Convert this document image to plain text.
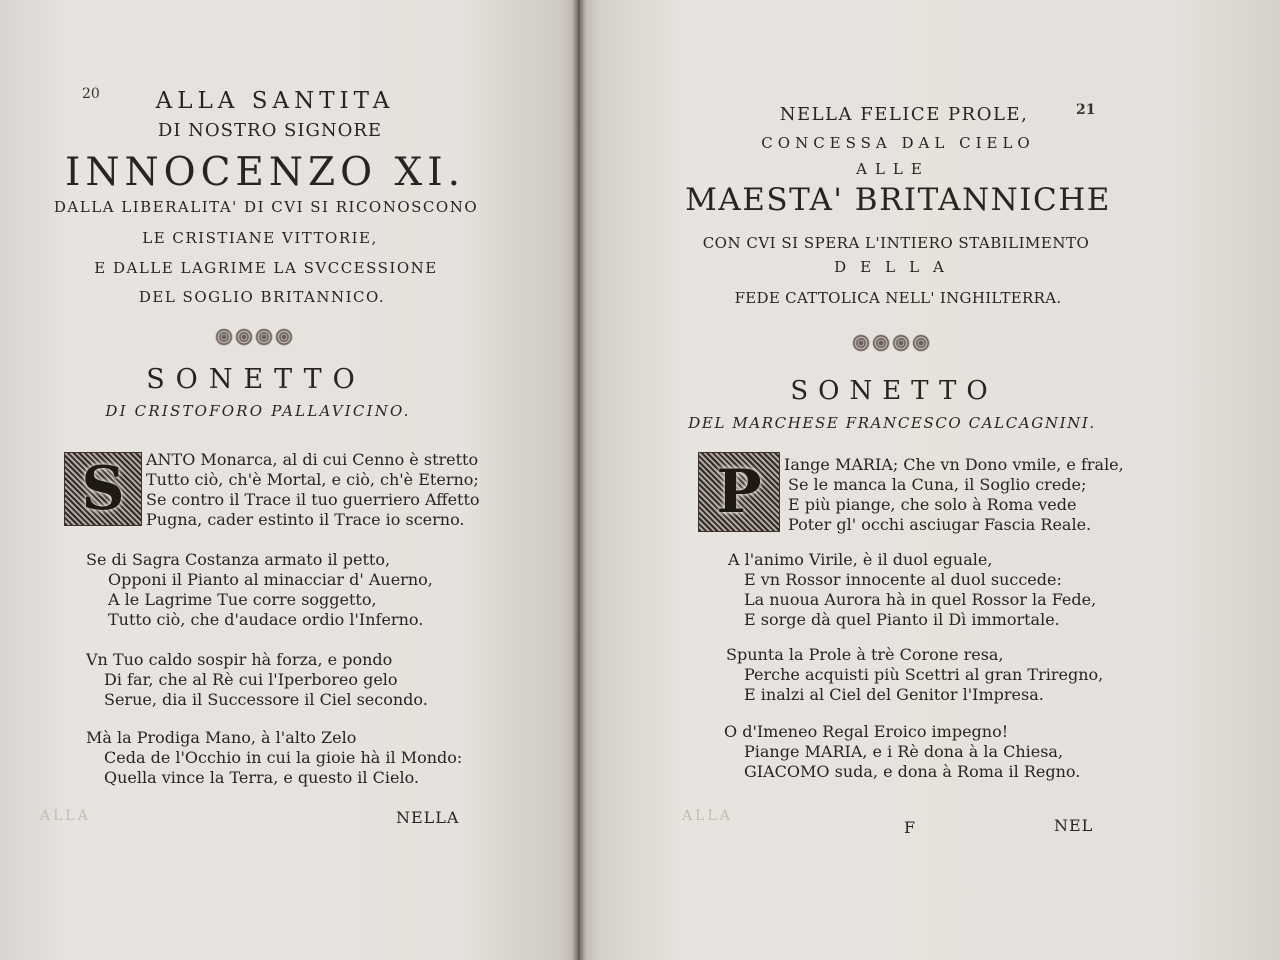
20 ALLA SANTITA
DI NOSTRO SIGNORE
INNOCENZO XI.
DALLA LIBERALITA' DI CVI SI RICONOSCONO
LE CRISTIANE VITTORIE,
E DALLE LAGRIME LA SVCCESSIONE
DEL SOGLIO BRITANNICO.
SONETTO
DI CRISTOFORO PALLAVICINO.
S ANTO Monarca, al di cui Cenno è stretto
Tutto ciò, ch'è Mortal, e ciò, ch'è Eterno;
Se contro il Trace il tuo guerriero Affetto
Pugna, cader estinto il Trace io scerno.
Se di Sagra Costanza armato il petto,
Opponi il Pianto al minacciar d' Auerno,
A le Lagrime Tue corre soggetto,
Tutto ciò, che d'audace ordio l'Inferno.
Vn Tuo caldo sospir hà forza, e pondo
Di far, che al Rè cui l'Iperboreo gelo
Serue, dia il Successore il Ciel secondo.
Mà la Prodiga Mano, à l'alto Zelo
Ceda de l'Occhio in cui la gioie hà il Mondo:
Quella vince la Terra, e questo il Cielo.
ALLA	NELLA
21
NELLA FELICE PROLE,
CONCESSA DAL CIELO
ALLE
MAESTA' BRITANNICHE
CON CVI SI SPERA L'INTIERO STABILIMENTO
DELLA
FEDE CATTOLICA NELL' INGHILTERRA.
SONETTO
DEL MARCHESE FRANCESCO CALCAGNINI.
P Iange MARIA; Che vn Dono vmile, e frale,
Se le manca la Cuna, il Soglio crede;
E più piange, che solo à Roma vede
Poter gl' occhi asciugar Fascia Reale.
A l'animo Virile, è il duol eguale,
E vn Rossor innocente al duol succede:
La nuoua Aurora hà in quel Rossor la Fede,
E sorge dà quel Pianto il Dì immortale.
Spunta la Prole à trè Corone resa,
Perche acquisti più Scettri al gran Triregno,
E inalzi al Ciel del Genitor l'Impresa.
O d'Imeneo Regal Eroico impegno!
Piange MARIA, e i Rè dona à la Chiesa,
GIACOMO suda, e dona à Roma il Regno.
ALLA
F	NEL
